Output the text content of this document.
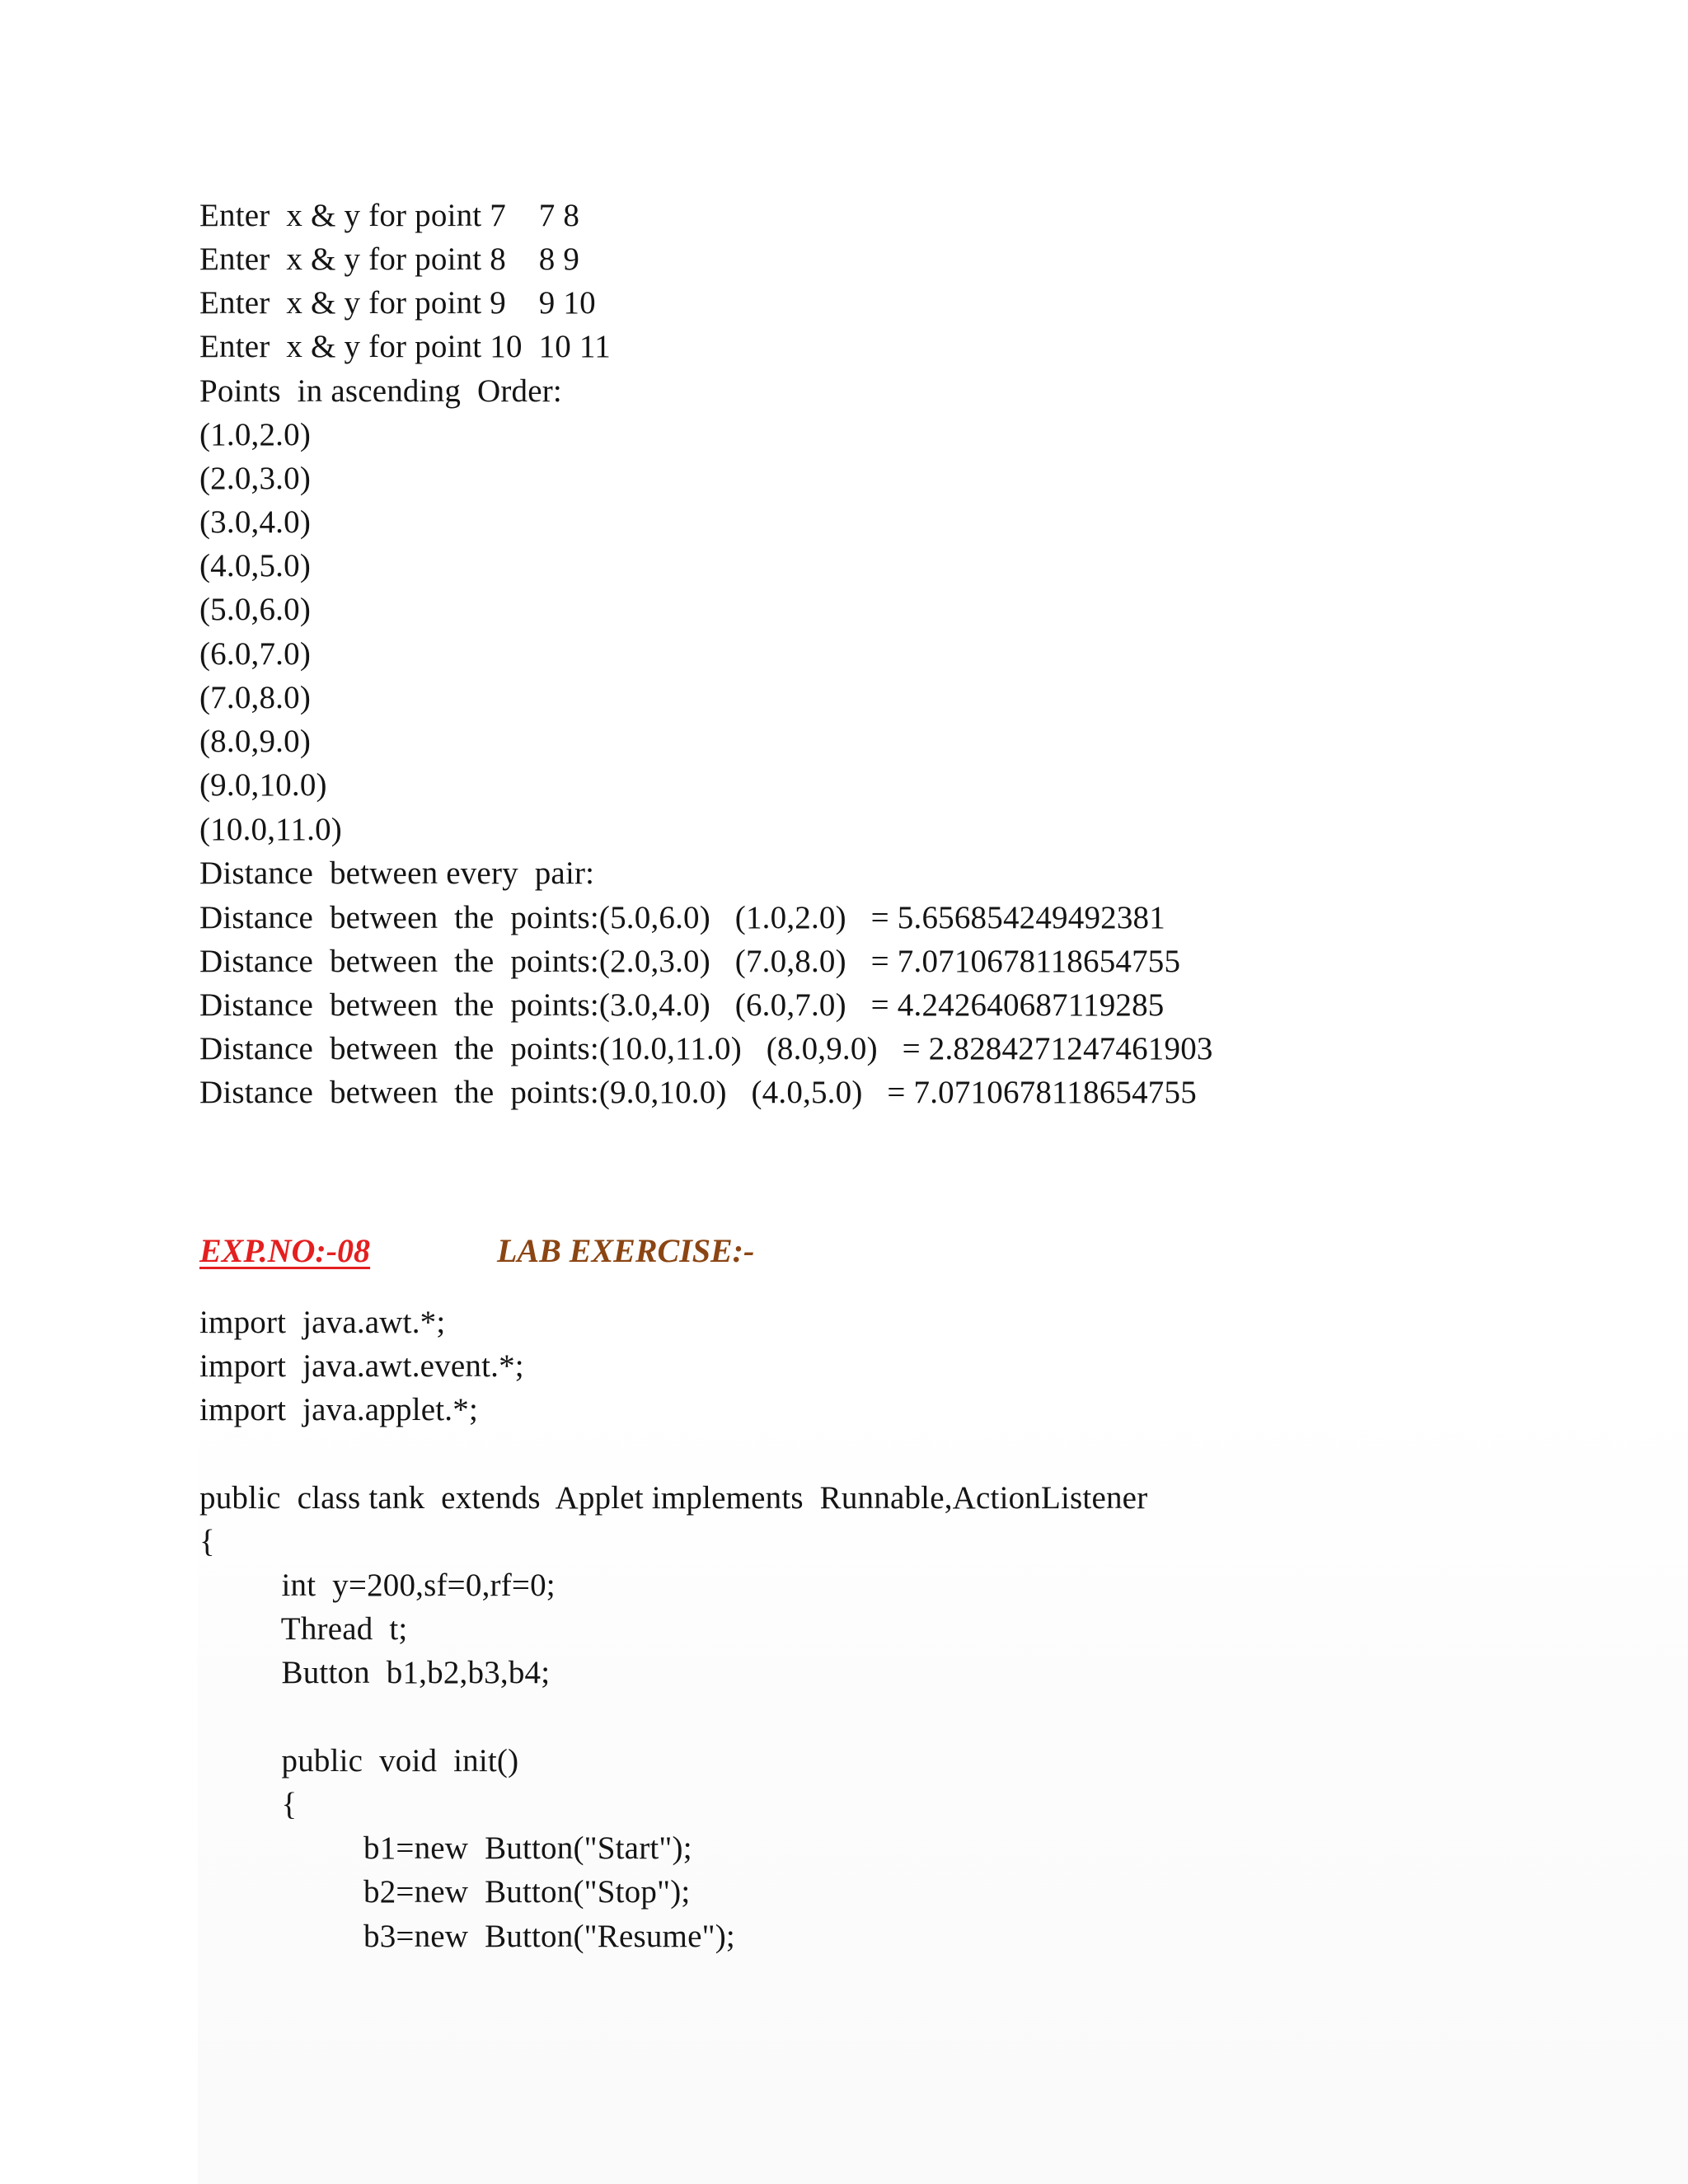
Enter  x & y for point 7    7 8
Enter  x & y for point 8    8 9
Enter  x & y for point 9    9 10
Enter  x & y for point 10  10 11
Points  in ascending  Order:
(1.0,2.0)
(2.0,3.0)
(3.0,4.0)
(4.0,5.0)
(5.0,6.0)
(6.0,7.0)
(7.0,8.0)
(8.0,9.0)
(9.0,10.0)
(10.0,11.0)
Distance  between every  pair:
Distance  between  the  points:(5.0,6.0)   (1.0,2.0)   = 5.656854249492381
Distance  between  the  points:(2.0,3.0)   (7.0,8.0)   = 7.0710678118654755
Distance  between  the  points:(3.0,4.0)   (6.0,7.0)   = 4.242640687119285
Distance  between  the  points:(10.0,11.0)   (8.0,9.0)   = 2.8284271247461903
Distance  between  the  points:(9.0,10.0)   (4.0,5.0)   = 7.0710678118654755
EXP.NO:-08	LAB EXERCISE:-
import  java.awt.*;
import  java.awt.event.*;
import  java.applet.*;
public  class tank  extends  Applet implements  Runnable,ActionListener
{
int  y=200,sf=0,rf=0;
Thread  t;
Button  b1,b2,b3,b4;
public  void  init()
{
b1=new  Button("Start");
b2=new  Button("Stop");
b3=new  Button("Resume");
